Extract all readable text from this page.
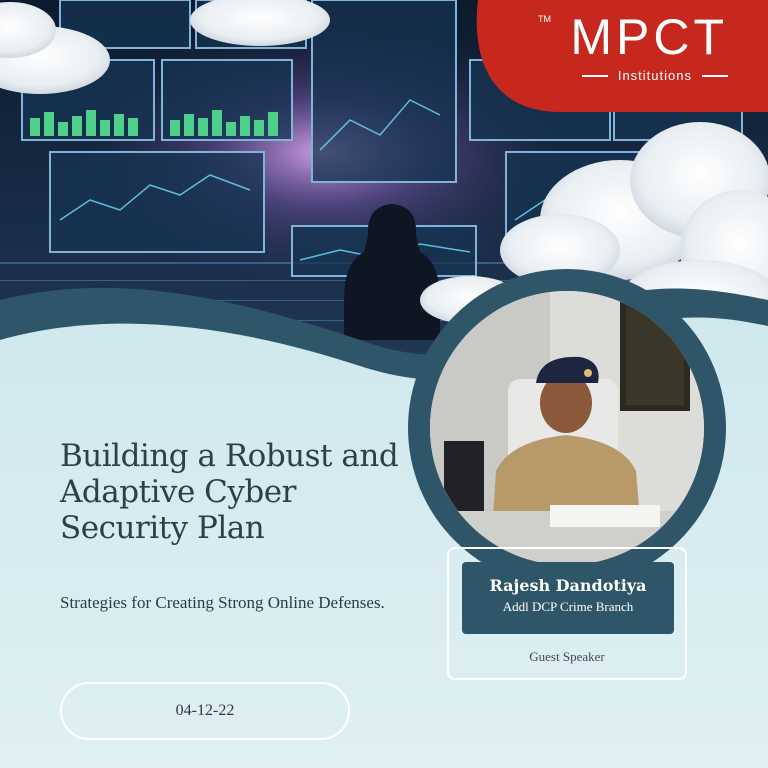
TM MPCT
Institutions
Building a Robust and Adaptive Cyber Security Plan

Strategies for Creating Strong Online Defenses.

04-12-22
Rajesh Dandotiya
Addl DCP Crime Branch
Guest Speaker
